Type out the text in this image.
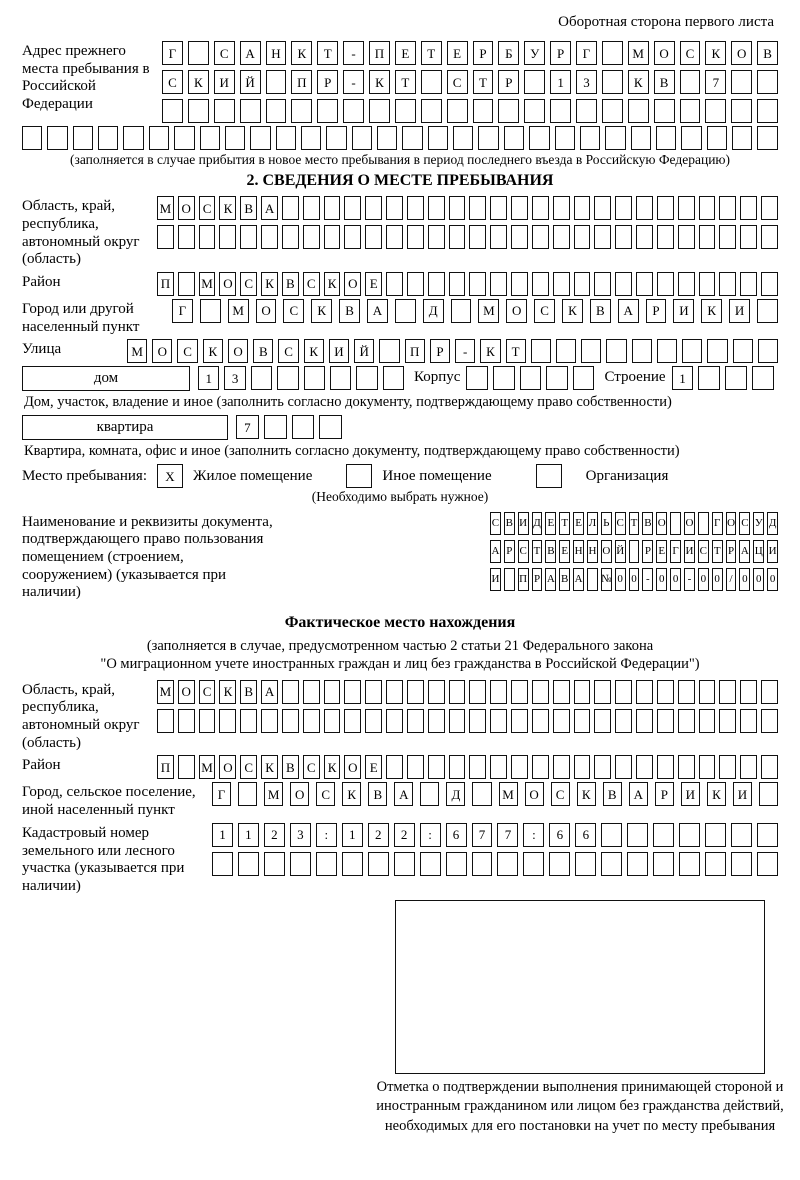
Оборотная сторона первого листа
Адрес прежнего места пребывания в Российской Федерации
Г	С	А	Н	К	Т	-	П	Е	Т	Е	Р	Б	У	Р	Г	М	О	С	К	О	В
С	К	И	Й	П	Р	-	К	Т	С	Т	Р	1	3	К	В	7
(заполняется в случае прибытия в новое место пребывания в период последнего въезда в Российскую Федерацию)
2. СВЕДЕНИЯ О МЕСТЕ ПРЕБЫВАНИЯ
Область, край, республика, автономный округ (область)
М О С К В А
Район	П М О С К В С К О Е
Город или другой населенный пункт
Г	М	О	С	К	В	А	Д	М	О	С	К	В	А	Р	И	К	И
Улица	М	О	С	К	О	В	С	К	И	Й	П	Р	-	К	Т
дом	1	3	Корпус	Строение	1
Дом, участок, владение и иное (заполнить согласно документу, подтверждающему право собственности)
квартира	7
Квартира, комната, офис и иное (заполнить согласно документу, подтверждающему право собственности)
Место пребывания:	X	Жилое помещение	Иное помещение	Организация
(Необходимо выбрать нужное)
Наименование и реквизиты документа, подтверждающего право пользования помещением (строением, сооружением) (указывается при наличии)
С В И Д Е Т Е Л Ь С Т В О О Г О С У Д
А Р С Т В Е Н Н О Й Р Е Г И С Т Р А Ц И
И П Р А В А № 0 0 - 0 0 - 0 0 / 0 0 0
Фактическое место нахождения
(заполняется в случае, предусмотренном частью 2 статьи 21 Федерального закона
"О миграционном учете иностранных граждан и лиц без гражданства в Российской Федерации")
Область, край, республика, автономный округ (область)
М О С К В А
Район	П М О С К В С К О Е
Город, сельское поселение, иной населенный пункт
Г	М	О	С	К	В	А	Д	М	О	С	К	В	А	Р	И	К	И
Кадастровый номер земельного или лесного участка (указывается при наличии)
1	1	2	3	:	1	2	2	:	6	7	7	:	6	6
Отметка о подтверждении выполнения принимающей стороной и иностранным гражданином или лицом без гражданства действий, необходимых для его постановки на учет по месту пребывания
